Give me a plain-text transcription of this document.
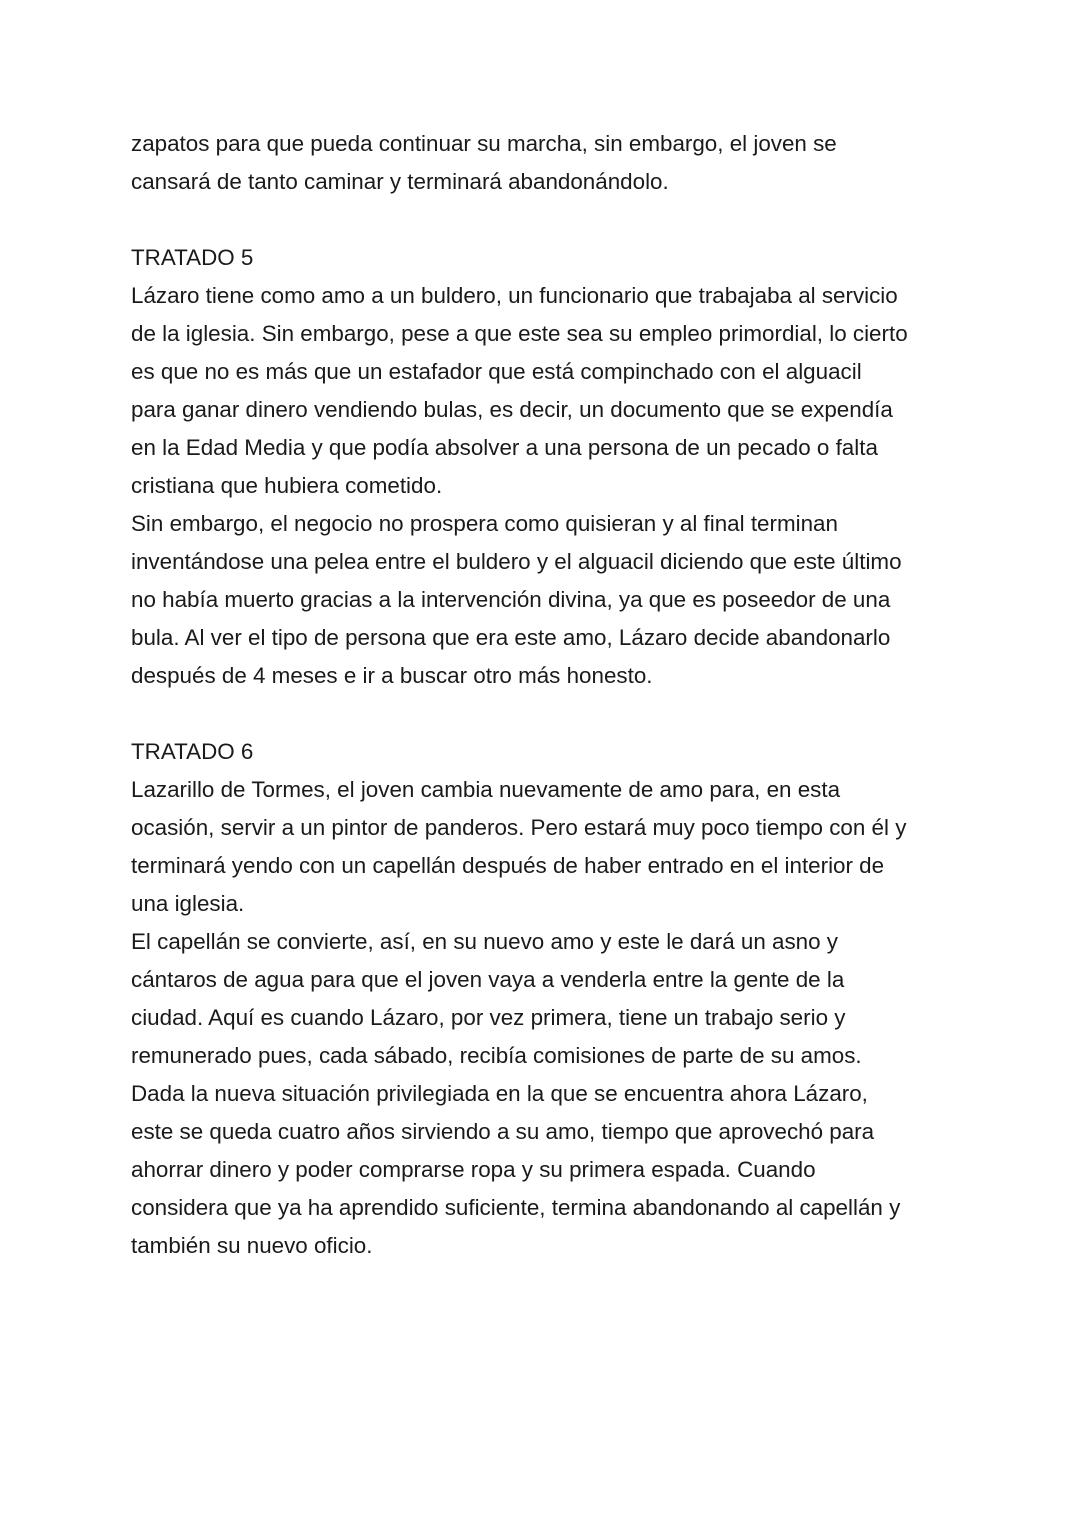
zapatos para que pueda continuar su marcha, sin embargo, el joven se
cansará de tanto caminar y terminará abandonándolo.
TRATADO 5
Lázaro tiene como amo a un buldero, un funcionario que trabajaba al servicio
de la iglesia. Sin embargo, pese a que este sea su empleo primordial, lo cierto
es que no es más que un estafador que está compinchado con el alguacil
para ganar dinero vendiendo bulas, es decir, un documento que se expendía
en la Edad Media y que podía absolver a una persona de un pecado o falta
cristiana que hubiera cometido.
Sin embargo, el negocio no prospera como quisieran y al final terminan
inventándose una pelea entre el buldero y el alguacil diciendo que este último
no había muerto gracias a la intervención divina, ya que es poseedor de una
bula. Al ver el tipo de persona que era este amo, Lázaro decide abandonarlo
después de 4 meses e ir a buscar otro más honesto.
TRATADO 6
Lazarillo de Tormes, el joven cambia nuevamente de amo para, en esta
ocasión, servir a un pintor de panderos. Pero estará muy poco tiempo con él y
terminará yendo con un capellán después de haber entrado en el interior de
una iglesia.
El capellán se convierte, así, en su nuevo amo y este le dará un asno y
cántaros de agua para que el joven vaya a venderla entre la gente de la
ciudad. Aquí es cuando Lázaro, por vez primera, tiene un trabajo serio y
remunerado pues, cada sábado, recibía comisiones de parte de su amos.
Dada la nueva situación privilegiada en la que se encuentra ahora Lázaro,
este se queda cuatro años sirviendo a su amo, tiempo que aprovechó para
ahorrar dinero y poder comprarse ropa y su primera espada. Cuando
considera que ya ha aprendido suficiente, termina abandonando al capellán y
también su nuevo oficio.
